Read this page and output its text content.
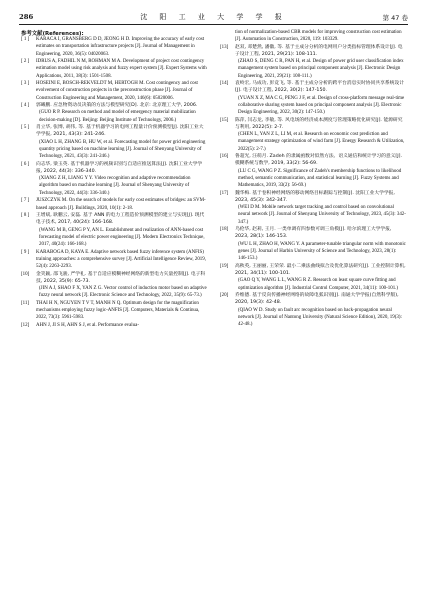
286	沈 阳 工 业 大 学 学 报	第 47 卷
参考文献(References):
[ 1 ]	KARACA I, GRANSBERG D D, JEONG H D. Improving the accuracy of early cost estimates on transportation infrastructure projects [J]. Journal of Management in Engineering, 2020, 36(5): 04020063.
[ 2 ]	IDRUS A, FADHIL N M, ROHMAN M A. Development of project cost contingency estimation model using risk analysis and fuzzy expert system [J]. Expert Systems with Applications, 2011, 38(3): 1501-1508.
[ 3 ]	HOSEINI E, BOSCH-REKVELDT M, HERTOGH M. Cost contingency and cost evolvement of construction projects in the preconstruction phase [J]. Journal of Construction Engineering and Management, 2020, 146(6): 05020006.
[ 4 ]	郭曦鹏. 应急物资动员决策的方法与模型研究[D]. 北京: 北京理工大学, 2006.
(GUO R P. Research on method and model of emergency material mobilization decision-making [D]. Beijing: Beijing Institute of Technology, 2006.)
[ 5 ]	肖立华, 张博, 胡伟, 等. 基于机器学习的电网工程量计价预测模型[J]. 沈阳工业大学学报, 2021, 43(3): 241-246.
(XIAO L H, ZHANG B, HU W, et al. Forecasting model for power grid engineering quantity pricing based on machine learning [J]. Journal of Shenyang University of Technology, 2021, 43(3): 241-246.)
[ 6 ]	向志华, 梁玉英. 基于机器学习的视频识别与自适应推送算法[J]. 沈阳工业大学学报, 2022, 44(3): 336-340.
(XIANG Z H, LIANG Y Y. Video recognition and adaptive recommendation algorithm based on machine learning [J]. Journal of Shenyang University of Technology, 2022, 44(3): 336-340.)
[ 7 ]	JUSZCZYK M. On the search of models for early cost estimates of bridges: an SVM-based approach [J]. Buildings, 2020, 10(1): 2-18.
[ 8 ]	王增斌, 耿鹏云, 安磊. 基于 ANN 的电力工程造价预测模型的建立与实现[J]. 现代电子技术, 2017, 40(24): 166-168.
(WANG M B, GENG P Y, AN L. Establishment and realization of ANN-based cost forecasting model of electric power engineering [J]. Modern Electronics Technique, 2017, 40(24): 166-168.)
[ 9 ]	KARABOGA D, KAYA E. Adaptive network based fuzzy inference system (ANFIS) training approaches: a comprehensive survey [J]. Artificial Intelligence Review, 2019, 52(4): 2263-2293.
[10]	金笑颖, 邵飞骏, 严学礼. 基于自适应模糊神经网络的新型电力矢量控制[J]. 电子科技, 2022, 35(9): 65-73.
(JIN A J, SHAO F X, YAN Z G. Vector control of induction motor based on adaptive fuzzy neural network [J]. Electronic Science and Technology, 2022, 35(9): 65-73.)
[11]	THAI H N, NGUYEN T V T, MANH N Q. Optimum design for the magnification mechanisms employing fuzzy logic-ANFIS [J]. Computers, Materials & Continua, 2022, 73(3): 5961-5983.
[12]	AHN J, JI S H, AHN S J, et al. Performance evalua-
tion of normalization-based CBR models for improving construction cost estimation [J]. Automation in Construction, 2020, 119: 103329.
[13]	赵双, 邓楚然, 潘徽, 等. 基于主成分分析的电网用户分类指标管理体系设计[J]. 电子设计工程, 2021, 29(21): 108-111.
(ZHAO S, DENG C R, PAN H, et al. Design of power grid user classification index management system based on principal component analysis [J]. Electronic Design Engineering, 2021, 29(21): 108-111.)
[14]	袁岭宏, 马成功, 彭竞飞, 等. 基于主成分分析的跨平台消息实时协同共享系统设计[J]. 电子设计工程, 2022, 30(2): 147-150.
(YUAN X Z, MA C G, PENG J F, et al. Design of cross-platform message real-time collaborative sharing system based on principal component analysis [J]. Electronic Design Engineering, 2022, 30(2): 147-150.)
[15]	陈萍, 闫志龙, 李敏, 等. 风电场的经济成本测度与管理策略优化研究[J]. 能源研究与利用, 2022(5): 2-7.
(CHEN L, YAN Z L, LI M, et al. Research on economic cost prediction and management strategy optimization of wind farm [J]. Energy Research & Utilization, 2022(5): 2-7.)
[16]	鲁超光, 汪萌月. Zadeh 的隶属函数对似然方法、语义通信和统计学习的意义[J]. 模糊系统与数学, 2019, 33(2): 56-69.
(LU C G, WANG P Z. Significance of Zadeh's membership functions to likelihood method, semantic communication, and statistical learning [J]. Fuzzy Systems and Mathematics, 2019, 33(2): 56-69.)
[17]	魏华梅. 基于卷积神经网络的移动网络目标跟踪与控制[J]. 沈阳工业大学学报, 2023, 45(3): 342-347.
(WEI D M. Mobile network target tracking and control based on convolutional neural network [J]. Journal of Shenyang University of Technology, 2023, 45(3): 342-347.)
[18]	乌伦华, 赵莉, 王月. 一类单调有四参数可调三角模[J]. 哈尔滨理工大学学报, 2023, 28(1): 146-153.
(WU L H, ZHAO H, WANG Y. A parameter-tunable triangular norm with monotonic genes [J]. Journal of Harbin University of Science and Technology, 2023, 28(1): 146-153.)
[19]	高秋英, 王丽丽, 王荣荣. 最小二乘法曲线拟合及优化算法研究[J]. 工业控制计算机, 2021, 34(11): 100-101.
(GAO Q Y, WANG L L, WANG R Z. Research on least square curve fitting and optimization algorithm [J]. Industrial Control Computer, 2021, 34(11): 100-101.)
[20]	乔维德. 基于反向传播神经网络的故障电弧识别[J]. 南通大学学报(自然科学版), 2020, 19(3): 42-48.
(QIAO W D. Study on fault arc recognition based on back-propagation neural network [J]. Journal of Nantong University (Natural Science Edition), 2020, 19(3): 42-48.)
